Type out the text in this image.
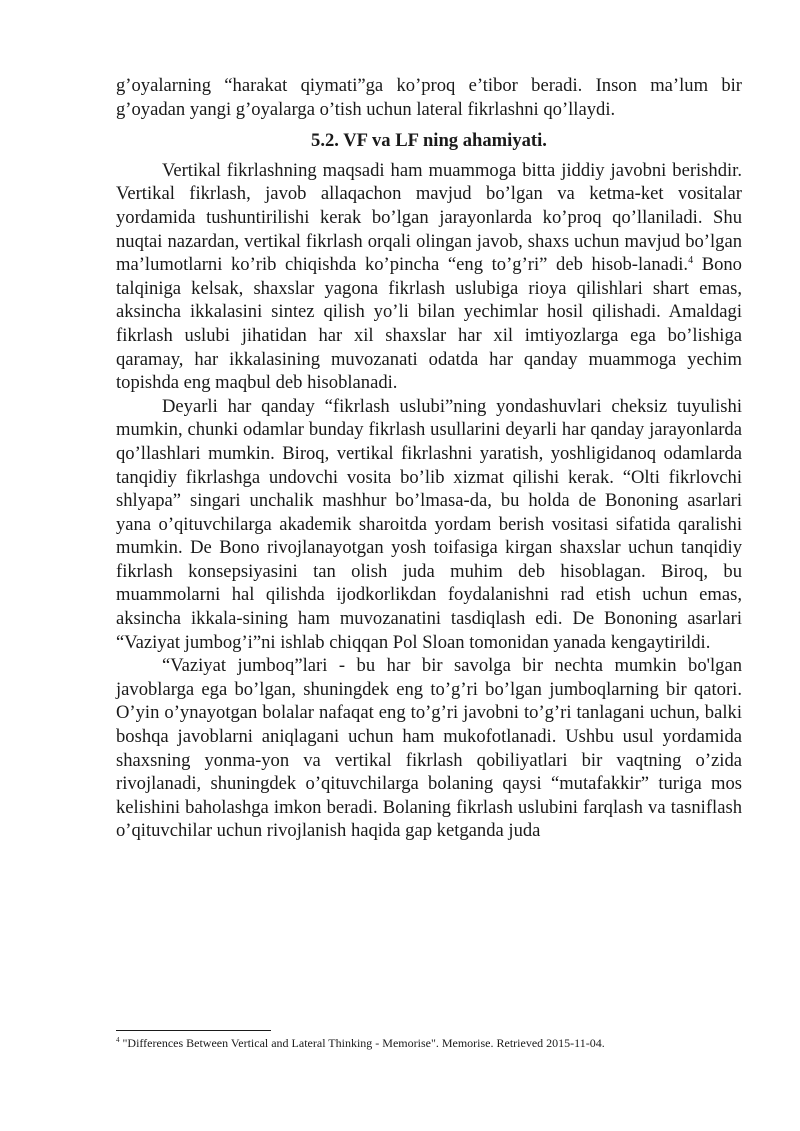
g’oyalarning “harakat qiymati”ga ko’proq e’tibor beradi. Inson ma’lum bir g’oyadan yangi g’oyalarga o’tish uchun lateral fikrlashni qo’llaydi.

5.2. VF va LF ning ahamiyati.

Vertikal fikrlashning maqsadi ham muammoga bitta jiddiy javobni berishdir. Vertikal fikrlash, javob allaqachon mavjud bo’lgan va ketma-ket vositalar yordamida tushuntirilishi kerak bo’lgan jarayonlarda ko’proq qo’llaniladi. Shu nuqtai nazardan, vertikal fikrlash orqali olingan javob, shaxs uchun mavjud bo’lgan ma’lumotlarni ko’rib chiqishda ko’pincha “eng to’g’ri” deb hisob-lanadi.$^4$ Bono talqiniga kelsak, shaxslar yagona fikrlash uslubiga rioya qilishlari shart emas, aksincha ikkalasini sintez qilish yo’li bilan yechimlar hosil qilishadi. Amaldagi fikrlash uslubi jihatidan har xil shaxslar har xil imtiyozlarga ega bo’lishiga qaramay, har ikkalasining muvozanati odatda har qanday muammoga yechim topishda eng maqbul deb hisoblanadi.

Deyarli har qanday “fikrlash uslubi”ning yondashuvlari cheksiz tuyulishi mumkin, chunki odamlar bunday fikrlash usullarini deyarli har qanday jarayonlarda qo’llashlari mumkin. Biroq, vertikal fikrlashni yaratish, yoshligidanoq odamlarda tanqidiy fikrlashga undovchi vosita bo’lib xizmat qilishi kerak. “Olti fikrlovchi shlyapa” singari unchalik mashhur bo’lmasa-da, bu holda de Bononing asarlari yana o’qituvchilarga akademik sharoitda yordam berish vositasi sifatida qaralishi mumkin. De Bono rivojlanayotgan yosh toifasiga kirgan shaxslar uchun tanqidiy fikrlash konsepsiyasini tan olish juda muhim deb hisoblagan. Biroq, bu muammolarni hal qilishda ijodkorlikdan foydalanishni rad etish uchun emas, aksincha ikkala-sining ham muvozanatini tasdiqlash edi. De Bononing asarlari “Vaziyat jumbog’i”ni ishlab chiqqan Pol Sloan tomonidan yanada kengaytirildi.

“Vaziyat jumboq”lari - bu har bir savolga bir nechta mumkin bo'lgan javoblarga ega bo’lgan, shuningdek eng to’g’ri bo’lgan jumboqlarning bir qatori. O’yin o’ynayotgan bolalar nafaqat eng to’g’ri javobni to’g’ri tanlagani uchun, balki boshqa javoblarni aniqlagani uchun ham mukofotlanadi. Ushbu usul yordamida shaxsning yonma-yon va vertikal fikrlash qobiliyatlari bir vaqtning o’zida rivojlanadi, shuningdek o’qituvchilarga bolaning qaysi “mutafakkir” turiga mos kelishini baholashga imkon beradi. Bolaning fikrlash uslubini farqlash va tasniflash o’qituvchilar uchun rivojlanish haqida gap ketganda juda

$^4$ "Differences Between Vertical and Lateral Thinking - Memorise". Memorise. Retrieved 2015-11-04.
